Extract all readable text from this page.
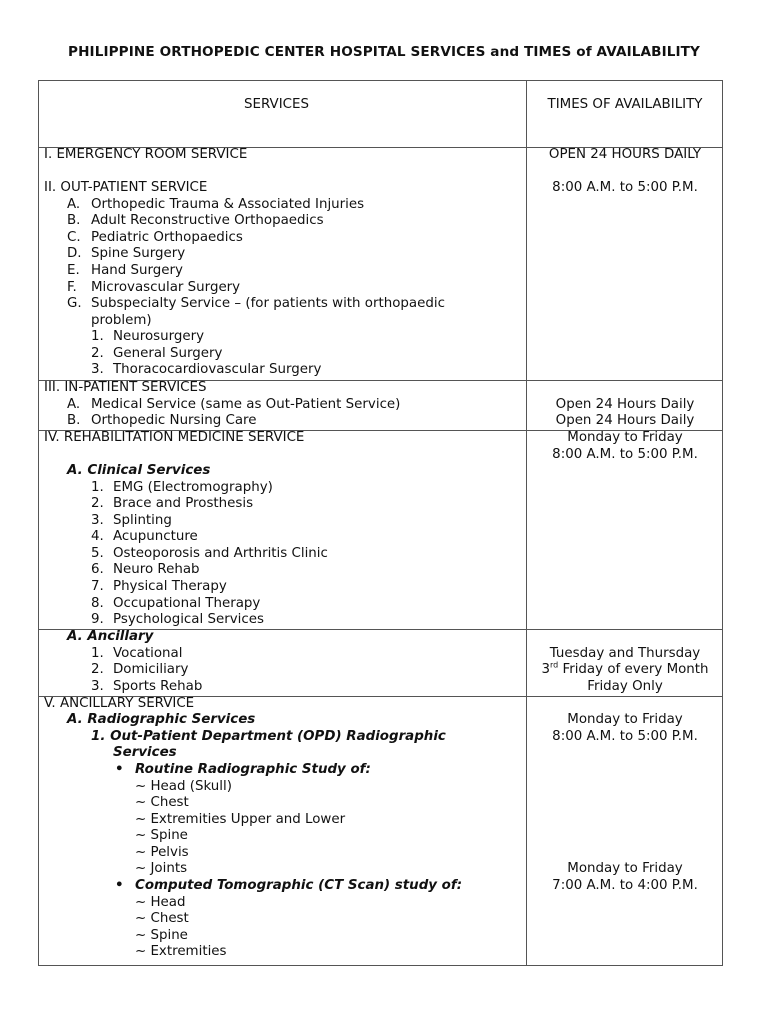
PHILIPPINE ORTHOPEDIC CENTER HOSPITAL SERVICES and TIMES of AVAILABILITY
SERVICES	TIMES OF AVAILABILITY
I. EMERGENCY ROOM SERVICE	OPEN 24 HOURS DAILY
II. OUT-PATIENT SERVICE	8:00 A.M. to 5:00 P.M.
A. Orthopedic Trauma & Associated Injuries
B. Adult Reconstructive Orthopaedics
C. Pediatric Orthopaedics
D. Spine Surgery
E. Hand Surgery
F. Microvascular Surgery
G. Subspecialty Service – (for patients with orthopaedic
problem)
1. Neurosurgery
2. General Surgery
3. Thoracocardiovascular Surgery
III. IN-PATIENT SERVICES
A. Medical Service (same as Out-Patient Service)	Open 24 Hours Daily
B. Orthopedic Nursing Care	Open 24 Hours Daily
IV. REHABILITATION MEDICINE SERVICE	Monday to Friday
8:00 A.M. to 5:00 P.M.
A. Clinical Services
1. EMG (Electromography)
2. Brace and Prosthesis
3. Splinting
4. Acupuncture
5. Osteoporosis and Arthritis Clinic
6. Neuro Rehab
7. Physical Therapy
8. Occupational Therapy
9. Psychological Services
A. Ancillary
1. Vocational	Tuesday and Thursday
2. Domiciliary	3rd Friday of every Month
3. Sports Rehab	Friday Only
V. ANCILLARY SERVICE
A. Radiographic Services	Monday to Friday
8:00 A.M. to 5:00 P.M.
1. Out-Patient Department (OPD) Radiographic
Services
• Routine Radiographic Study of:
~ Head (Skull)
~ Chest
~ Extremities Upper and Lower
~ Spine
~ Pelvis
~ Joints	Monday to Friday
7:00 A.M. to 4:00 P.M.
• Computed Tomographic (CT Scan) study of:
~ Head
~ Chest
~ Spine
~ Extremities
